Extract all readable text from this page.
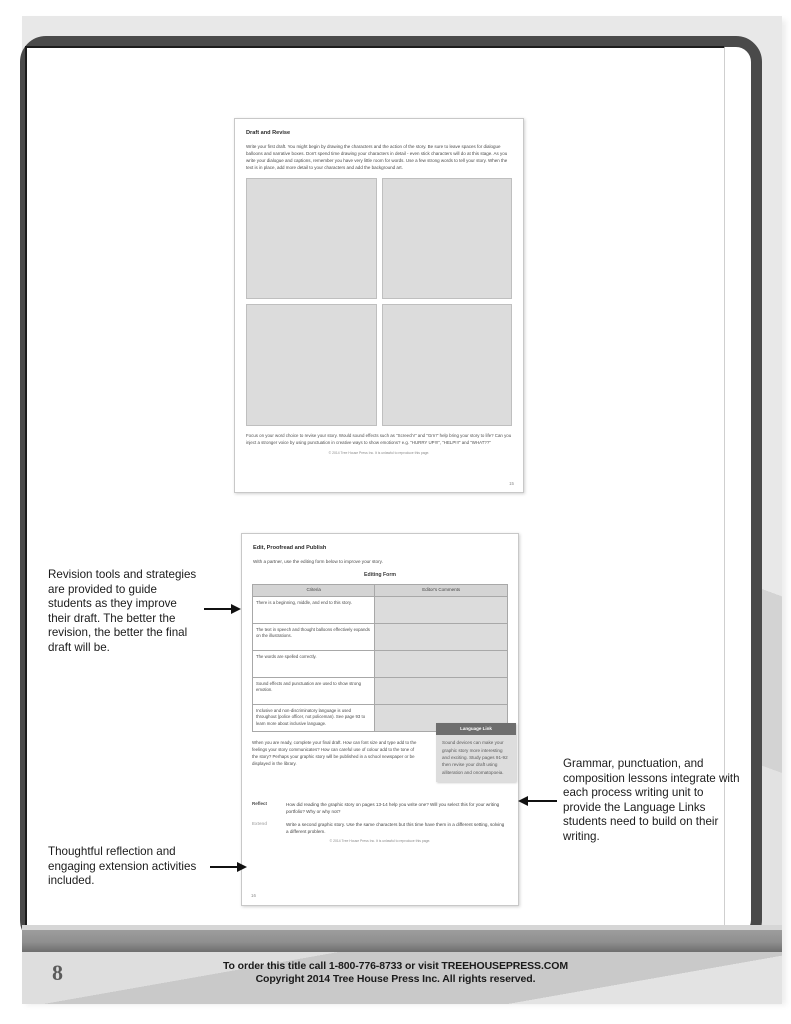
Draft and Revise
Write your first draft. You might begin by drawing the characters and the action of the story. Be sure to leave spaces for dialogue balloons and narrative boxes. Don't spend time drawing your characters in detail - even stick characters will do at this stage. As you write your dialogue and captions, remember you have very little room for words. Use a few strong words to tell your story. When the text is in place, add more detail to your characters and add the background art.
Focus on your word choice to revise your story. Would sound effects such as "Screech!" and "Grrr!" help bring your story to life? Can you inject a stronger voice by using punctuation in creative ways to show emotions? e.g. "HURRY UP!!!", "HELP!!!" and "WHAT??"
© 2014 Tree House Press Inc. It is unlawful to reproduce this page.
15
Edit, Proofread and Publish
With a partner, use the editing form below to improve your story.
Editing Form
Criteria	Editor's Comments
There is a beginning, middle, and end to this story.	
The text in speech and thought balloons effectively expands on the illustrations.	
The words are spelled correctly.	
Sound effects and punctuation are used to show strong emotion.	
Inclusive and non-discriminatory language is used throughout (police officer, not policeman). See page 93 to learn more about inclusive language.	
When you are ready, complete your final draft. How can font size and type add to the feelings your story communicates? How can careful use of colour add to the tone of the story? Perhaps your graphic story will be published in a school newspaper or be displayed in the library.
Language Link
Sound devices can make your graphic story more interesting and exciting. Study pages 91-92 then revise your draft using alliteration and onomatopoeia.
Reflect	How did reading the graphic story on pages 13-14 help you write one? Will you select this for your writing portfolio? Why or why not?
Extend	Write a second graphic story. Use the same characters but this time have them in a different setting, solving a different problem.
© 2014 Tree House Press Inc. It is unlawful to reproduce this page.
16
Revision tools and strategies are provided to guide students as they improve their draft. The better the revision, the better the final draft will be.
Thoughtful reflection and engaging extension activities included.
Grammar, punctuation, and composition lessons integrate with each process writing unit to provide the Language Links students need to build on their writing.
8	To order this title call 1-800-776-8733 or visit TREEHOUSEPRESS.COM
Copyright 2014 Tree House Press Inc. All rights reserved.
